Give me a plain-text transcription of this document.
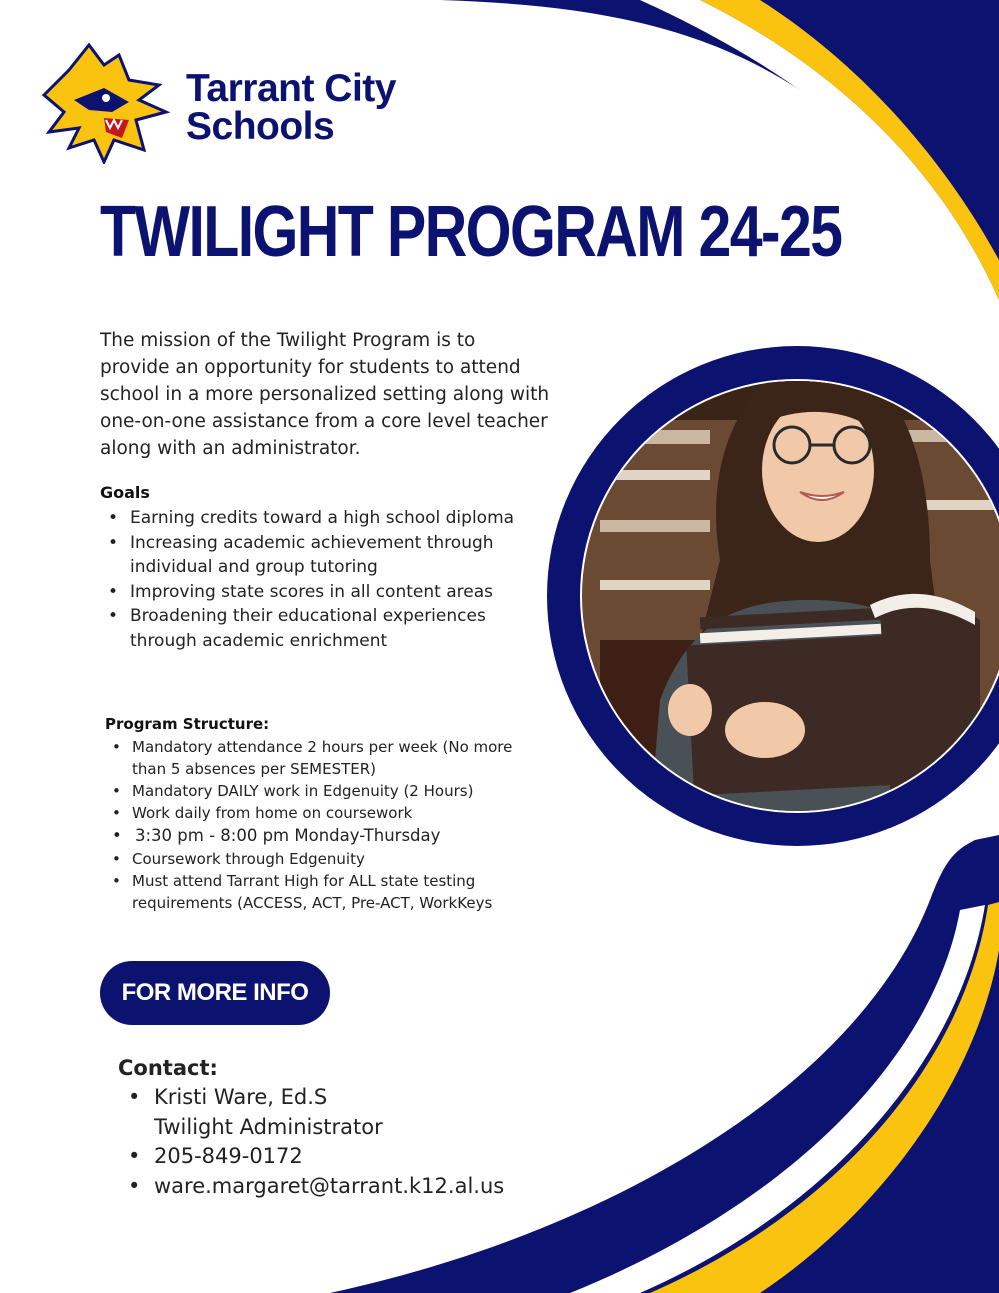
Tarrant City
Schools
TWILIGHT PROGRAM 24-25

The mission of the Twilight Program is to provide an opportunity for students to attend school in a more personalized setting along with one-on-one assistance from a core level teacher along with an administrator.

Goals
• Earning credits toward a high school diploma
• Increasing academic achievement through individual and group tutoring
• Improving state scores in all content areas
• Broadening their educational experiences through academic enrichment
Program Structure:
• Mandatory attendance 2 hours per week (No more than 5 absences per SEMESTER)
• Mandatory DAILY work in Edgenuity (2 Hours)
• Work daily from home on coursework
• 3:30 pm - 8:00 pm Monday-Thursday
• Coursework through Edgenuity
• Must attend Tarrant High for ALL state testing requirements (ACCESS, ACT, Pre-ACT, WorkKeys
FOR MORE INFO
Contact:
• Kristi Ware, Ed.S
Twilight Administrator
• 205-849-0172
• ware.margaret@tarrant.k12.al.us
